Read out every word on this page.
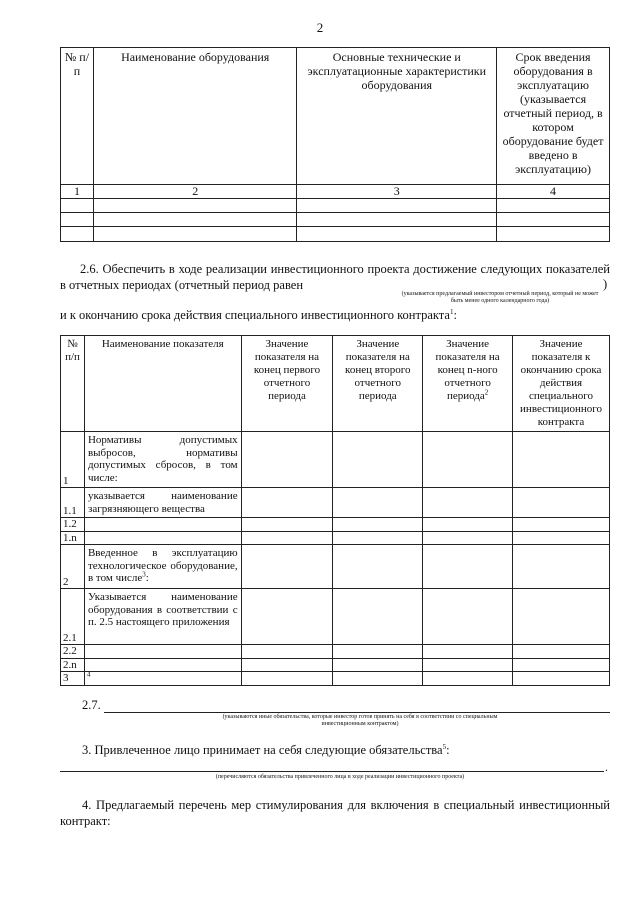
2
№ п/п	Наименование оборудования	Основные технические и эксплуатационные характеристики оборудования	Срок введения оборудования в эксплуатацию (указывается отчетный период, в котором оборудование будет введено в эксплуатацию)
1	2	3	4

2.6. Обеспечить в ходе реализации инвестиционного проекта достижение следующих показателей в отчетных периодах (отчетный период равен	)
(указывается предлагаемый инвестором отчетный период, который не может быть менее одного календарного года)
и к окончанию срока действия специального инвестиционного контракта$^1$:
№ п/п	Наименование показателя	Значение показателя на конец первого отчетного периода	Значение показателя на конец второго отчетного периода	Значение показателя на конец n-ного отчетного периода$^2$	Значение показателя к окончанию срока действия специального инвестиционного контракта
1	Нормативы допустимых выбросов, нормативы допустимых сбросов, в том числе:				
1.1	указывается наименование загрязняющего вещества				
1.2					
1.n					
2	Введенное в эксплуатацию технологическое оборудование, в том числе$^3$:				
2.1	Указывается наименование оборудования в соответствии с п. 2.5 настоящего приложения				
2.2					
2.n					
3	$^4$				
2.7.
(указываются иные обязательства, которые инвестор готов принять на себя в соответствии со специальным инвестиционным контрактом)
3. Привлеченное лицо принимает на себя следующие обязательства$^5$:
.
(перечисляются обязательства привлеченного лица в ходе реализации инвестиционного проекта)
4. Предлагаемый перечень мер стимулирования для включения в специальный инвестиционный контракт:
